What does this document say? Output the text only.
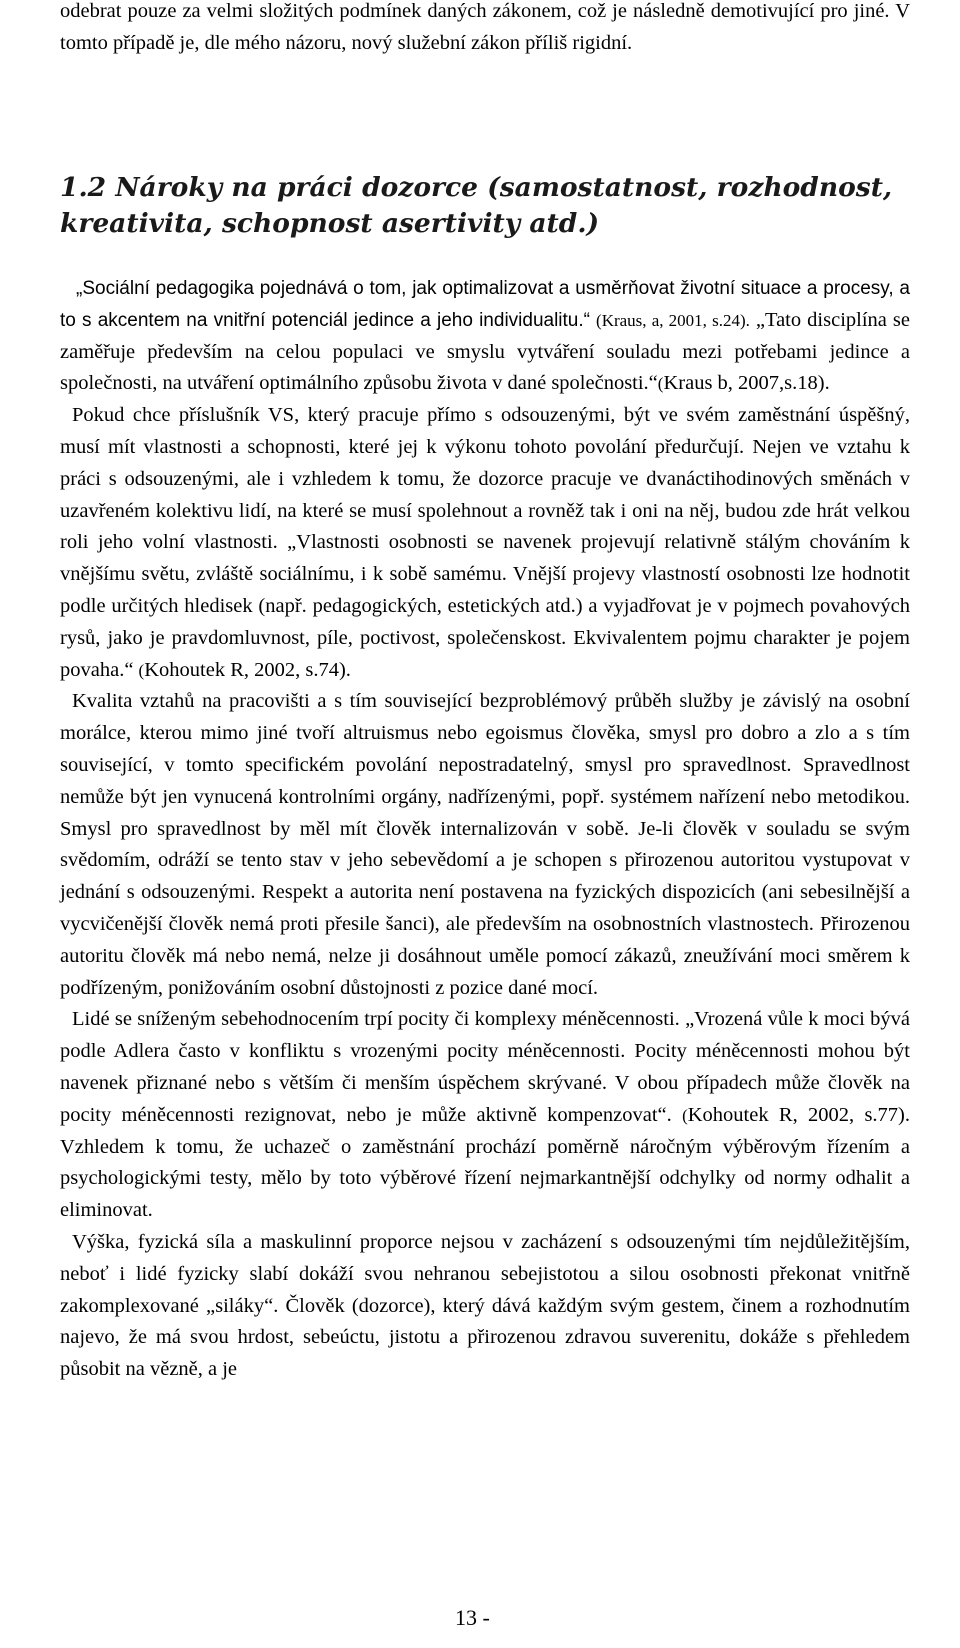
odebrat pouze za velmi složitých podmínek daných zákonem, což je následně demotivující pro jiné. V tomto případě je, dle mého názoru, nový služební zákon příliš rigidní.

1.2 Nároky na práci dozorce (samostatnost, rozhodnost, kreativita, schopnost asertivity atd.)

„Sociální pedagogika pojednává o tom, jak optimalizovat a usměrňovat životní situace a procesy, a to s akcentem na vnitřní potenciál jedince a jeho individualitu.“ (Kraus, a, 2001, s.24). „Tato disciplína se zaměřuje především na celou populaci ve smyslu vytváření souladu mezi potřebami jedince a společnosti, na utváření optimálního způsobu života v dané společnosti.“(Kraus b, 2007,s.18).

Pokud chce příslušník VS, který pracuje přímo s odsouzenými, být ve svém zaměstnání úspěšný, musí mít vlastnosti a schopnosti, které jej k výkonu tohoto povolání předurčují. Nejen ve vztahu k práci s odsouzenými, ale i vzhledem k tomu, že dozorce pracuje ve dvanáctihodinových směnách v uzavřeném kolektivu lidí, na které se musí spolehnout a rovněž tak i oni na něj, budou zde hrát velkou roli jeho volní vlastnosti. „Vlastnosti osobnosti se navenek projevují relativně stálým chováním k vnějšímu světu, zvláště sociálnímu, i k sobě samému. Vnější projevy vlastností osobnosti lze hodnotit podle určitých hledisek (např. pedagogických, estetických atd.) a vyjadřovat je v pojmech povahových rysů, jako je pravdomluvnost, píle, poctivost, společenskost. Ekvivalentem pojmu charakter je pojem povaha.“ (Kohoutek R, 2002, s.74).

Kvalita vztahů na pracovišti a s tím související bezproblémový průběh služby je závislý na osobní morálce, kterou mimo jiné tvoří altruismus nebo egoismus člověka, smysl pro dobro a zlo a s tím související, v tomto specifickém povolání nepostradatelný, smysl pro spravedlnost. Spravedlnost nemůže být jen vynucená kontrolními orgány, nadřízenými, popř. systémem nařízení nebo metodikou. Smysl pro spravedlnost by měl mít člověk internalizován v sobě. Je-li člověk v souladu se svým svědomím, odráží se tento stav v jeho sebevědomí a je schopen s přirozenou autoritou vystupovat v jednání s odsouzenými. Respekt a autorita není postavena na fyzických dispozicích (ani sebesilnější a vycvičenější člověk nemá proti přesile šanci), ale především na osobnostních vlastnostech. Přirozenou autoritu člověk má nebo nemá, nelze ji dosáhnout uměle pomocí zákazů, zneužívání moci směrem k podřízeným, ponižováním osobní důstojnosti z pozice dané mocí.

Lidé se sníženým sebehodnocením trpí pocity či komplexy méněcennosti. „Vrozená vůle k moci bývá podle Adlera často v konfliktu s vrozenými pocity méněcennosti. Pocity méněcennosti mohou být navenek přiznané nebo s větším či menším úspěchem skrývané. V obou případech může člověk na pocity méněcennosti rezignovat, nebo je může aktivně kompenzovat“. (Kohoutek R, 2002, s.77). Vzhledem k tomu, že uchazeč o zaměstnání prochází poměrně náročným výběrovým řízením a psychologickými testy, mělo by toto výběrové řízení nejmarkantnější odchylky od normy odhalit a eliminovat.

Výška, fyzická síla a maskulinní proporce nejsou v zacházení s odsouzenými tím nejdůležitějším, neboť i lidé fyzicky slabí dokáží svou nehranou sebejistotou a silou osobnosti překonat vnitřně zakomplexované „siláky“. Člověk (dozorce), který dává každým svým gestem, činem a rozhodnutím najevo, že má svou hrdost, sebeúctu, jistotu a přirozenou zdravou suverenitu, dokáže s přehledem působit na vězně, a je

13 -
